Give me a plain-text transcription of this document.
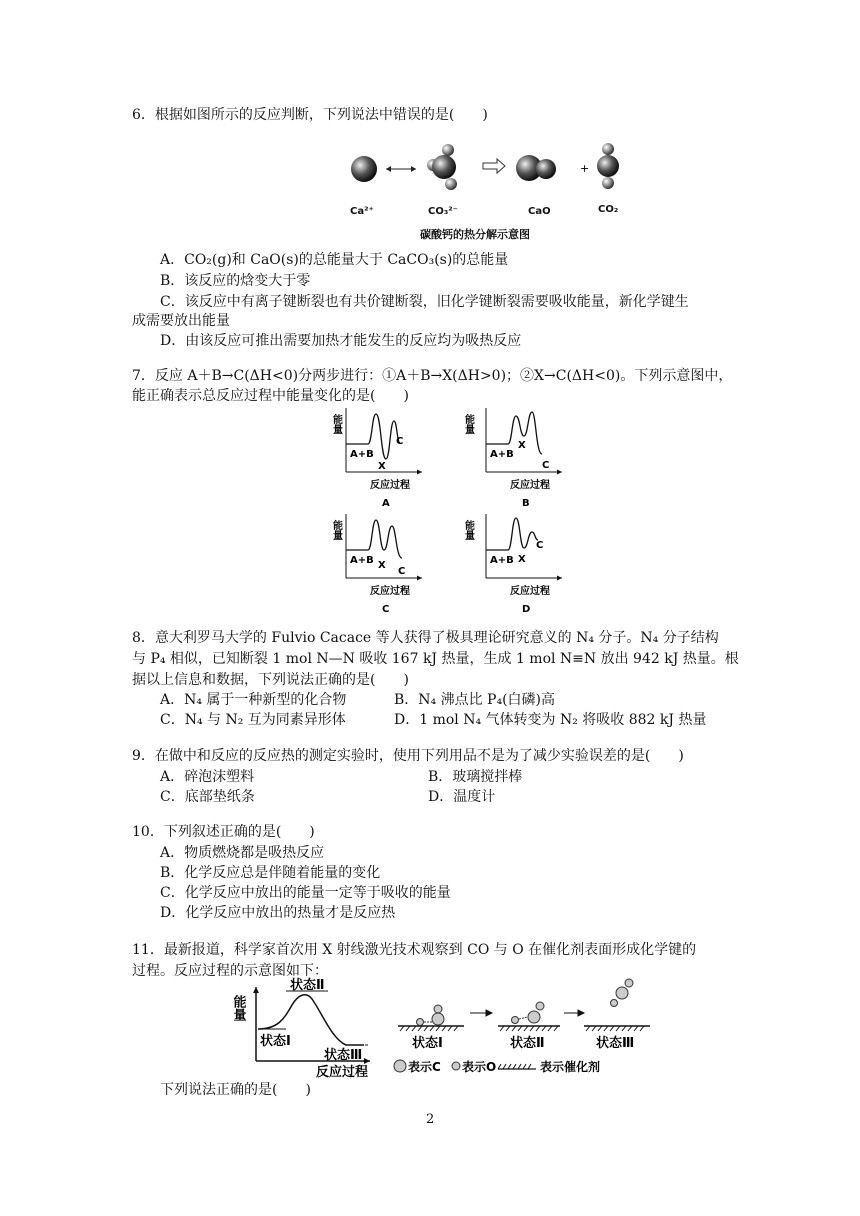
6．根据如图所示的反应判断，下列说法中错误的是(　　)
+
Ca²⁺	CO₃²⁻	CaO	CO₂
碳酸钙的热分解示意图
A．CO₂(g)和 CaO(s)的总能量大于 CaCO₃(s)的总能量
B．该反应的焓变大于零
C．该反应中有离子键断裂也有共价键断裂，旧化学键断裂需要吸收能量，新化学键生
成需要放出能量
D．由该反应可推出需要加热才能发生的反应均为吸热反应
7．反应 A＋B→C(ΔH<0)分两步进行：①A＋B→X(ΔH>0)；②X→C(ΔH<0)。下列示意图中，
能正确表示总反应过程中能量变化的是(　　)
能量
A+B
X
C
反应过程
A
能量
A+B
X
C
反应过程
B
能量
A+B X
C
反应过程
C
能量
A+B X
C
反应过程
D
8．意大利罗马大学的 Fulvio Cacace 等人获得了极具理论研究意义的 N₄ 分子。N₄ 分子结构
与 P₄ 相似，已知断裂 1 mol N—N 吸收 167 kJ 热量，生成 1 mol N≡N 放出 942 kJ 热量。根
据以上信息和数据，下列说法正确的是(　　)
A．N₄ 属于一种新型的化合物	B．N₄ 沸点比 P₄(白磷)高
C．N₄ 与 N₂ 互为同素异形体	D．1 mol N₄ 气体转变为 N₂ 将吸收 882 kJ 热量
9．在做中和反应的反应热的测定实验时，使用下列用品不是为了减少实验误差的是(　　)
A．碎泡沫塑料	B．玻璃搅拌棒
C．底部垫纸条	D．温度计
10．下列叙述正确的是(　　)
A．物质燃烧都是吸热反应
B．化学反应总是伴随着能量的变化
C．化学反应中放出的能量一定等于吸收的能量
D．化学反应中放出的热量才是反应热
11．最新报道，科学家首次用 X 射线激光技术观察到 CO 与 O 在催化剂表面形成化学键的
过程。反应过程的示意图如下：
能量
状态Ⅱ
状态Ⅰ
状态Ⅲ
反应过程
状态Ⅰ	状态Ⅱ	状态Ⅲ
表示C 表示O	表示催化剂
下列说法正确的是(　　)
2
